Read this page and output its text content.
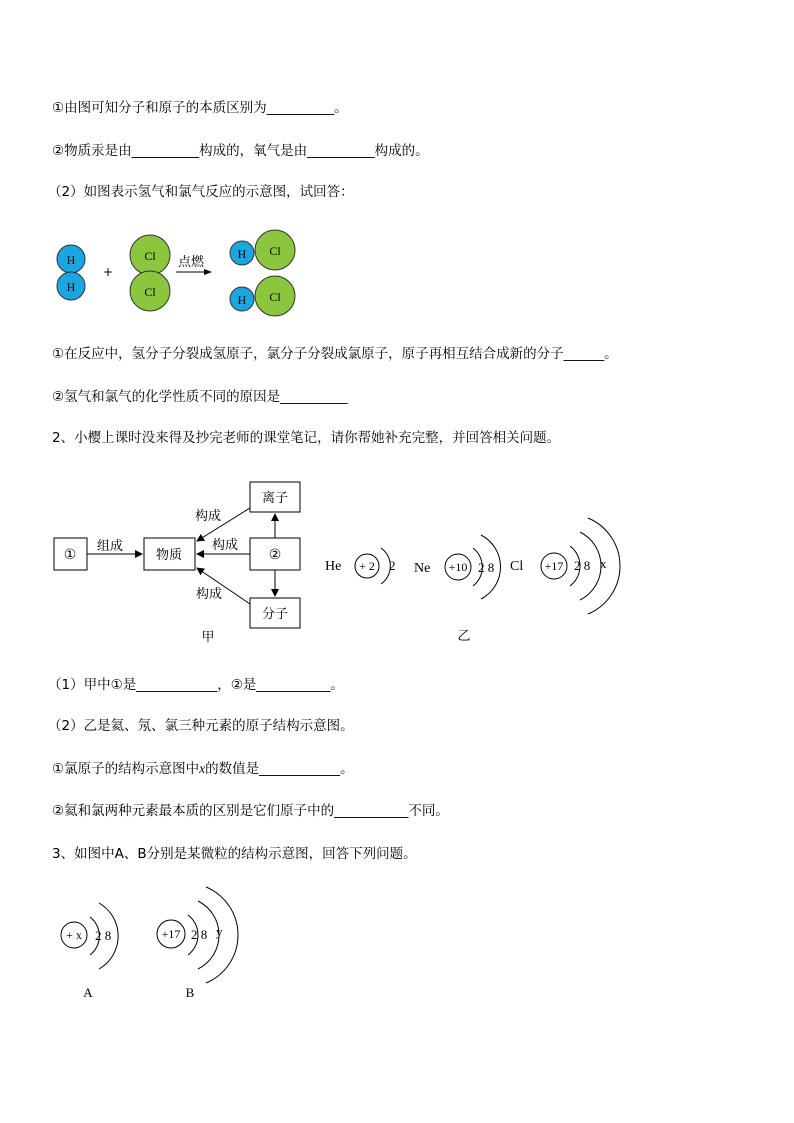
①由图可知分子和原子的本质区别为__________。
②物质汞是由__________构成的，氧气是由__________构成的。
（2）如图表示氢气和氯气反应的示意图，试回答：
H
H
+
Cl
Cl
点燃
H Cl
H Cl
①在反应中，氢分子分裂成氢原子，氯分子分裂成氯原子，原子再相互结合成新的分子______。
②氢气和氯气的化学性质不同的原因是__________
2、小樱上课时没来得及抄完老师的课堂笔记，请你帮她补充完整，并回答相关问题。
①	物质	②
离子
分子
组成
构成
构成
构成
甲
He + 2 2 Ne +10 2 8 Cl +17 2 8 x
乙
（1）甲中①是____________，②是___________。
（2）乙是氦、氖、氯三种元素的原子结构示意图。
①氯原子的结构示意图中x的数值是____________。
②氦和氯两种元素最本质的区别是它们原子中的___________不同。
3、如图中A、B分别是某微粒的结构示意图，回答下列问题。
+ x 2 8
A
+17 2 8 y
B
